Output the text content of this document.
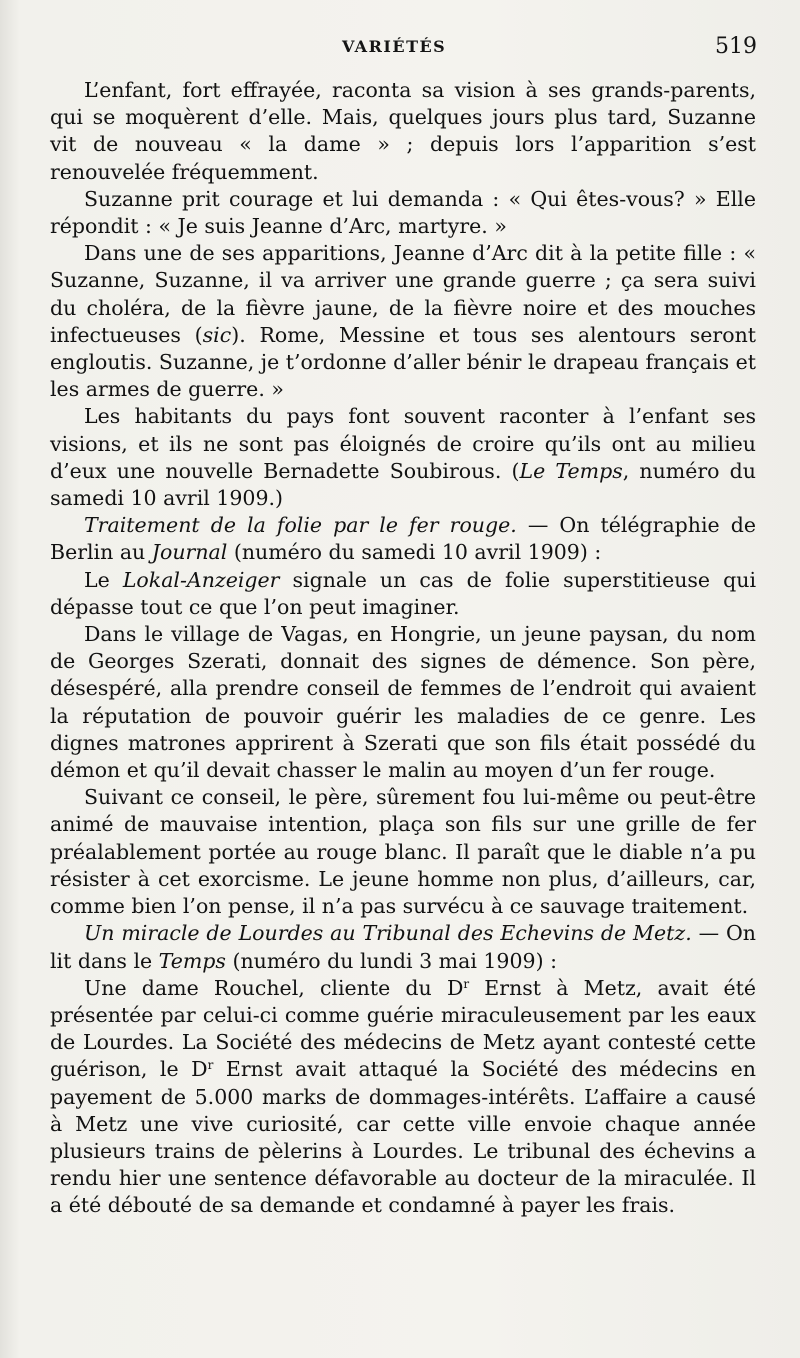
VARIÉTÉS	519

L’enfant, fort effrayée, raconta sa vision à ses grands-parents, qui se moquèrent d’elle. Mais, quelques jours plus tard, Suzanne vit de nouveau « la dame » ; depuis lors l’apparition s’est renouvelée fréquemment.

Suzanne prit courage et lui demanda : « Qui êtes-vous? » Elle répondit : « Je suis Jeanne d’Arc, martyre. »

Dans une de ses apparitions, Jeanne d’Arc dit à la petite fille : « Suzanne, Suzanne, il va arriver une grande guerre ; ça sera suivi du choléra, de la fièvre jaune, de la fièvre noire et des mouches infectueuses (sic). Rome, Messine et tous ses alentours seront engloutis. Suzanne, je t’ordonne d’aller bénir le drapeau français et les armes de guerre. »

Les habitants du pays font souvent raconter à l’enfant ses visions, et ils ne sont pas éloignés de croire qu’ils ont au milieu d’eux une nouvelle Bernadette Soubirous. (Le Temps, numéro du samedi 10 avril 1909.)

Traitement de la folie par le fer rouge. — On télégraphie de Berlin au Journal (numéro du samedi 10 avril 1909) :

Le Lokal-Anzeiger signale un cas de folie superstitieuse qui dépasse tout ce que l’on peut imaginer.

Dans le village de Vagas, en Hongrie, un jeune paysan, du nom de Georges Szerati, donnait des signes de démence. Son père, désespéré, alla prendre conseil de femmes de l’endroit qui avaient la réputation de pouvoir guérir les maladies de ce genre. Les dignes matrones apprirent à Szerati que son fils était possédé du démon et qu’il devait chasser le malin au moyen d’un fer rouge.

Suivant ce conseil, le père, sûrement fou lui-même ou peut-être animé de mauvaise intention, plaça son fils sur une grille de fer préalablement portée au rouge blanc. Il paraît que le diable n’a pu résister à cet exorcisme. Le jeune homme non plus, d’ailleurs, car, comme bien l’on pense, il n’a pas survécu à ce sauvage traitement.

Un miracle de Lourdes au Tribunal des Echevins de Metz. — On lit dans le Temps (numéro du lundi 3 mai 1909) :

Une dame Rouchel, cliente du $D^r$ Ernst à Metz, avait été présentée par celui-ci comme guérie miraculeusement par les eaux de Lourdes. La Société des médecins de Metz ayant contesté cette guérison, le $D^r$ Ernst avait attaqué la Société des médecins en payement de 5.000 marks de dommages-intérêts. L’affaire a causé à Metz une vive curiosité, car cette ville envoie chaque année plusieurs trains de pèlerins à Lourdes. Le tribunal des échevins a rendu hier une sentence défavorable au docteur de la miraculée. Il a été débouté de sa demande et condamné à payer les frais.
